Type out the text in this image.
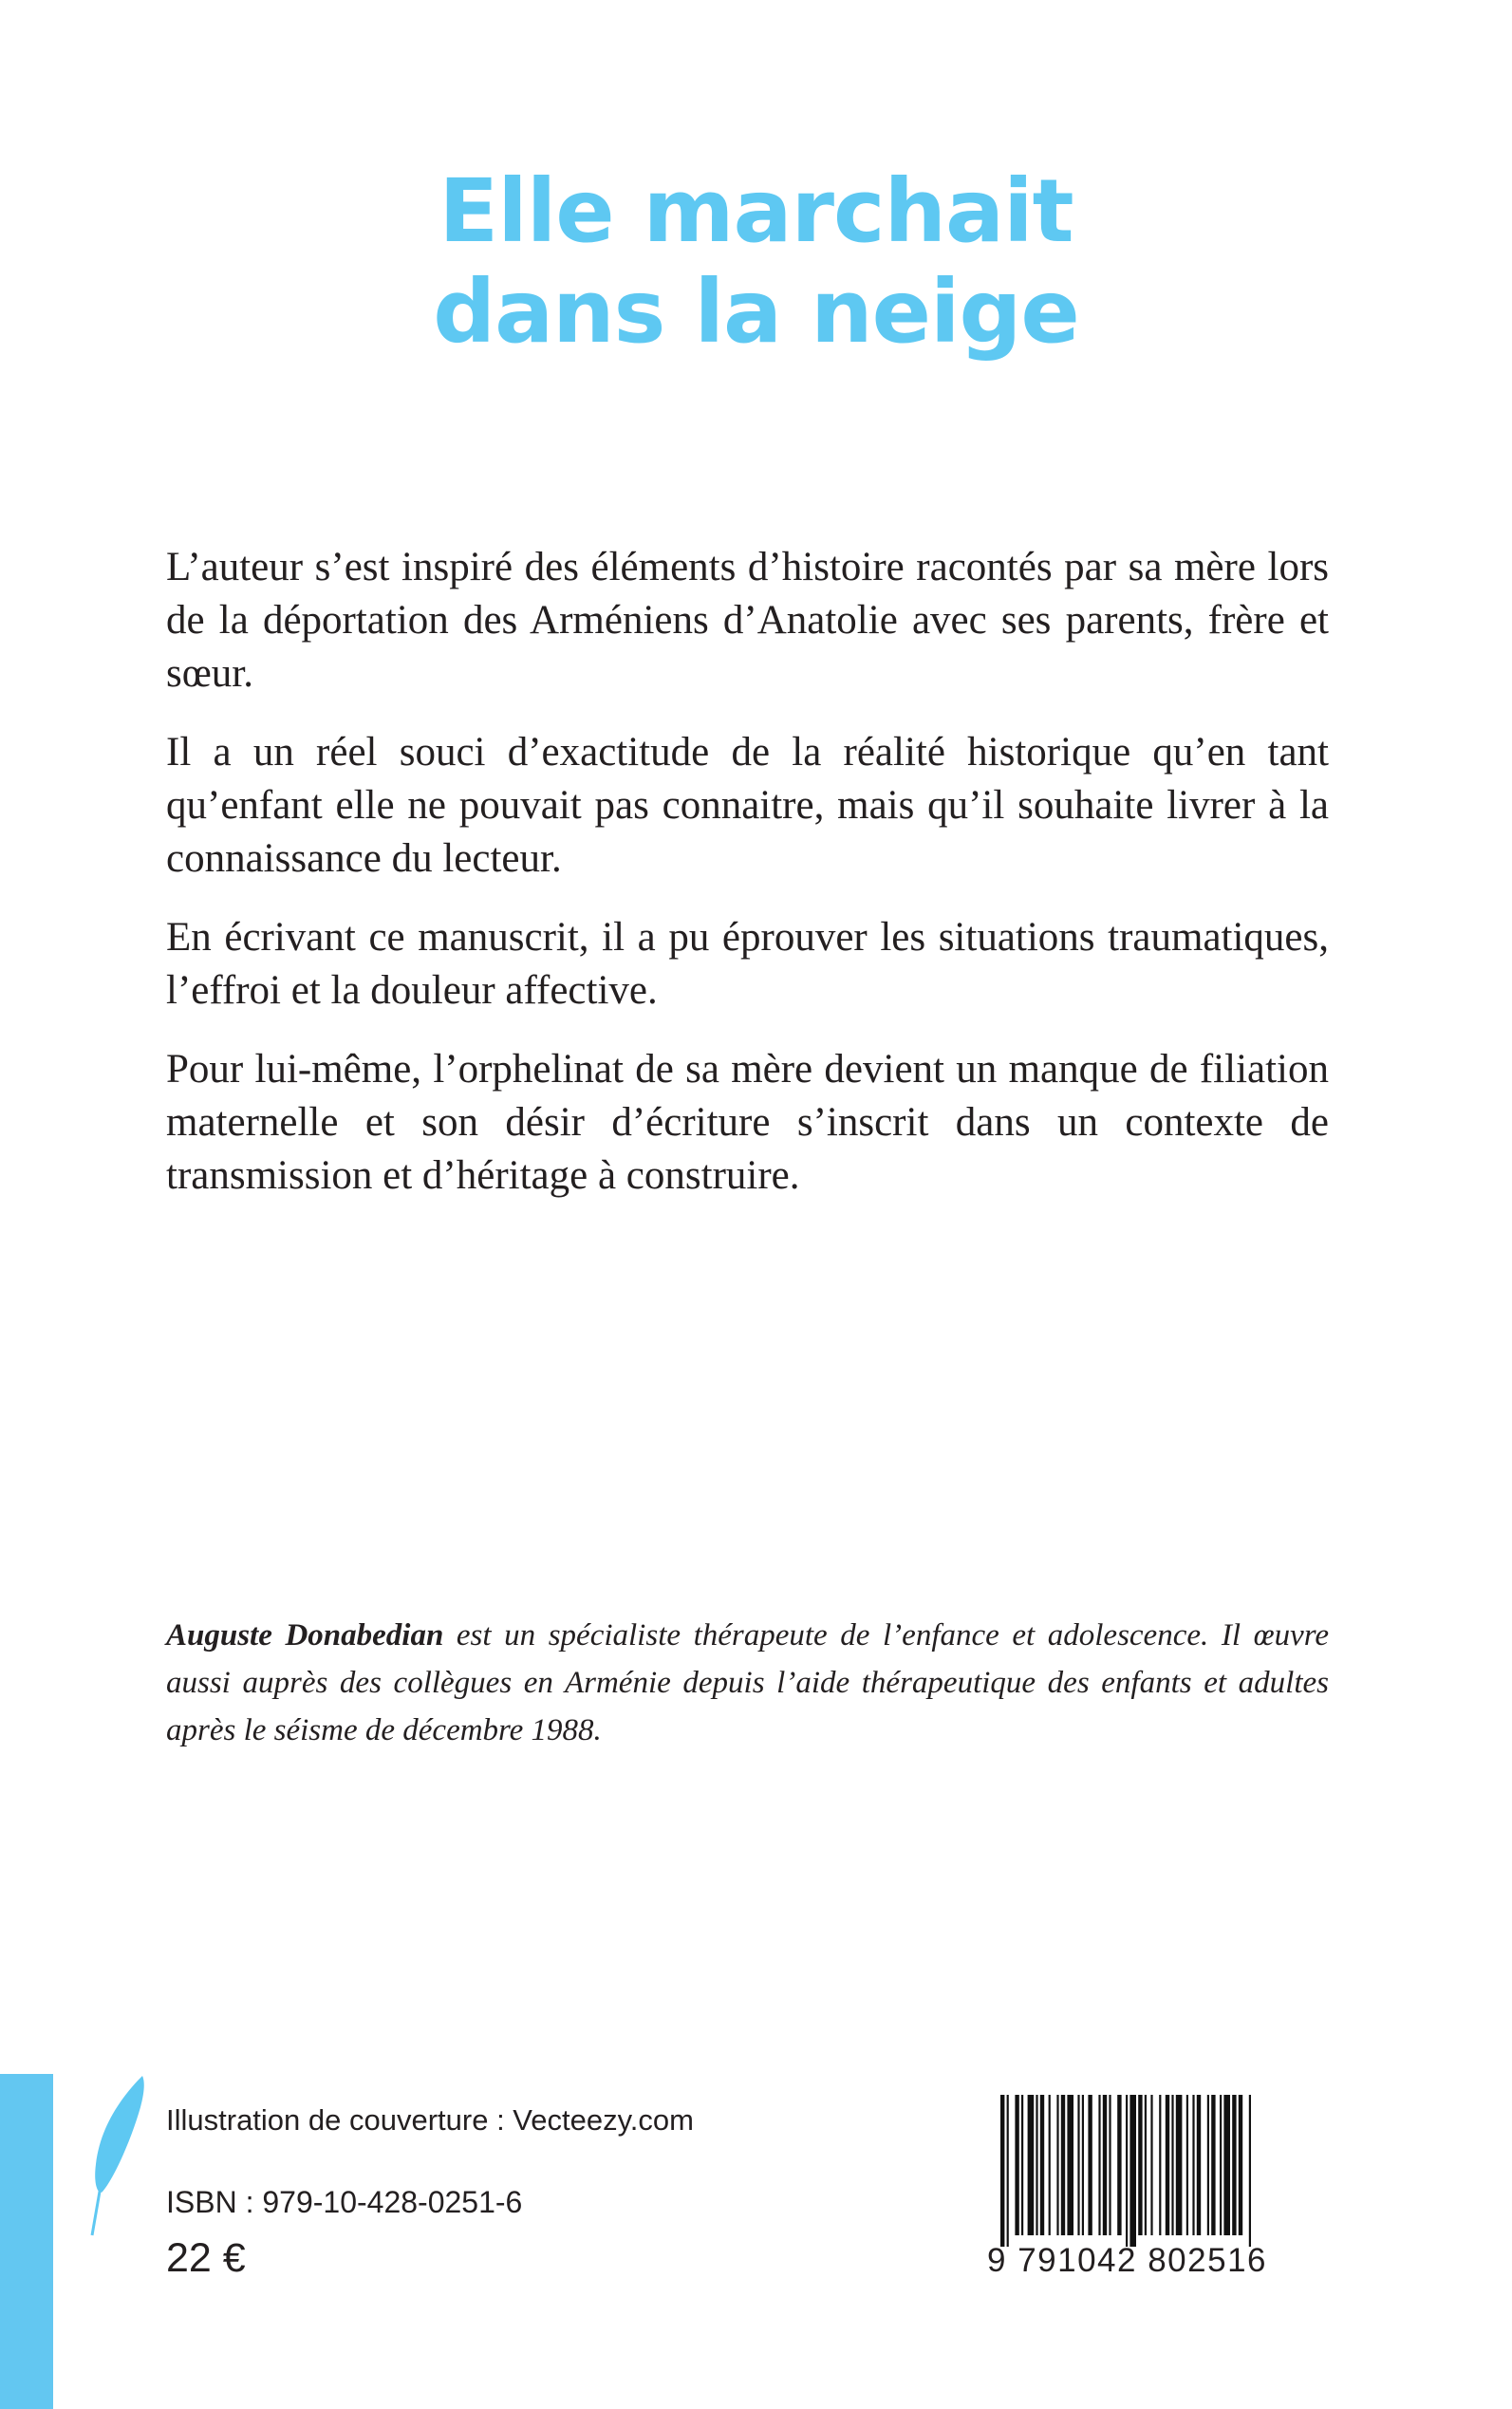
Elle marchait
dans la neige

L’auteur s’est inspiré des éléments d’histoire racontés par sa mère lors de la déportation des Arméniens d’Anatolie avec ses parents, frère et sœur.

Il a un réel souci d’exactitude de la réalité historique qu’en tant qu’enfant elle ne pouvait pas connaitre, mais qu’il souhaite livrer à la connaissance du lecteur.

En écrivant ce manuscrit, il a pu éprouver les situations traumatiques, l’effroi et la douleur affective.

Pour lui-même, l’orphelinat de sa mère devient un manque de filiation maternelle et son désir d’écriture s’inscrit dans un contexte de transmission et d’héritage à construire.

Auguste Donabedian est un spécialiste thérapeute de l’enfance et adolescence. Il œuvre aussi auprès des collègues en Arménie depuis l’aide thérapeutique des enfants et adultes après le séisme de décembre 1988.
Illustration de couverture : Vecteezy.com
ISBN : 979-10-428-0251-6
22 €	9 791042 802516
